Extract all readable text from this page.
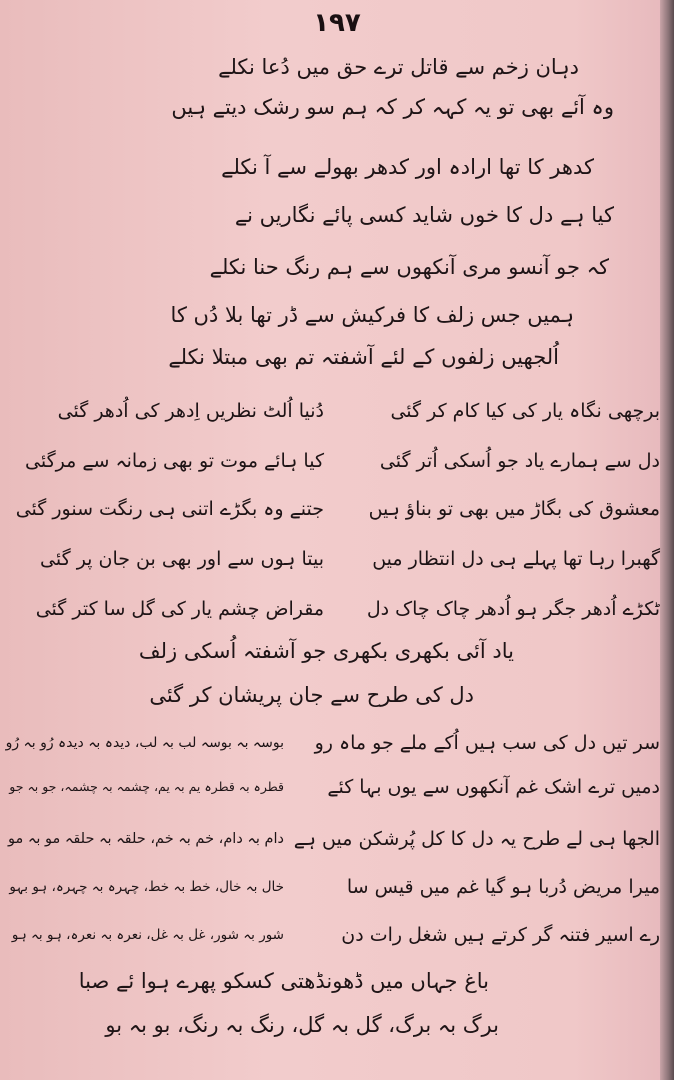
۱۹۷
دہان زخم سے قاتل ترے حق میں دُعا نکلے
وہ آئے بھی تو یہ کہہ کر کہ ہم سو رشک دیتے ہیں
کدھر کا تھا ارادہ اور کدھر بھولے سے آ نکلے
کیا ہے دل کا خوں شاید کسی پائے نگاریں نے
کہ جو آنسو مری آنکھوں سے ہم رنگ حنا نکلے
ہمیں جس زلف کا فرکیش سے ڈر تھا بلا دُں کا
اُلجھیں زلفوں کے لئے آشفتہ تم بھی مبتلا نکلے
برچھی نگاہ یار کی کیا کام کر گئی
دل سے ہمارے یاد جو اُسکی اُتر گئی
معشوق کی بگاڑ میں بھی تو بناؤ ہیں
گھبرا رہا تھا پہلے ہی دل انتظار میں
ٹکڑے اُدھر جگر ہو اُدھر چاک چاک دل
دُنیا اُلٹ نظریں اِدھر کی اُدھر گئی
کیا ہائے موت تو بھی زمانہ سے مرگئی
جتنے وہ بگڑے اتنی ہی رنگت سنور گئی
بیتا ہوں سے اور بھی بن جان پر گئی
مقراض چشم یار کی گل سا کتر گئی
یاد آئی بکھری بکھری جو آشفتہ اُسکی زلف
دل کی طرح سے جان پریشان کر گئی
سر تیں دل کی سب ہیں اُکے ملے جو ماہ رو
دمیں ترے اشک غم آنکھوں سے یوں بہا کئے
الجھا ہی لے طرح یہ دل کا کل پُرشکن میں ہے
میرا مریض دُربا ہو گیا غم میں قیس سا
رے اسیر فتنہ گر کرتے ہیں شغل رات دن
بوسہ بہ بوسہ لب بہ لب، دیدہ بہ دیدہ رُو بہ رُو
قطرہ بہ قطرہ یم بہ یم، چشمہ بہ چشمہ، جو بہ جو
دام بہ دام، خم بہ خم، حلقہ بہ حلقہ مو بہ مو
خال بہ خال، خط بہ خط، چہرہ بہ چہرہ، ہو بہو
شور بہ شور، غل بہ غل، نعرہ بہ نعرہ، ہو بہ ہو
باغ جہاں میں ڈھونڈھتی کسکو پھرے ہوا ئے صبا
برگ بہ برگ، گل بہ گل، رنگ بہ رنگ، بو بہ بو
